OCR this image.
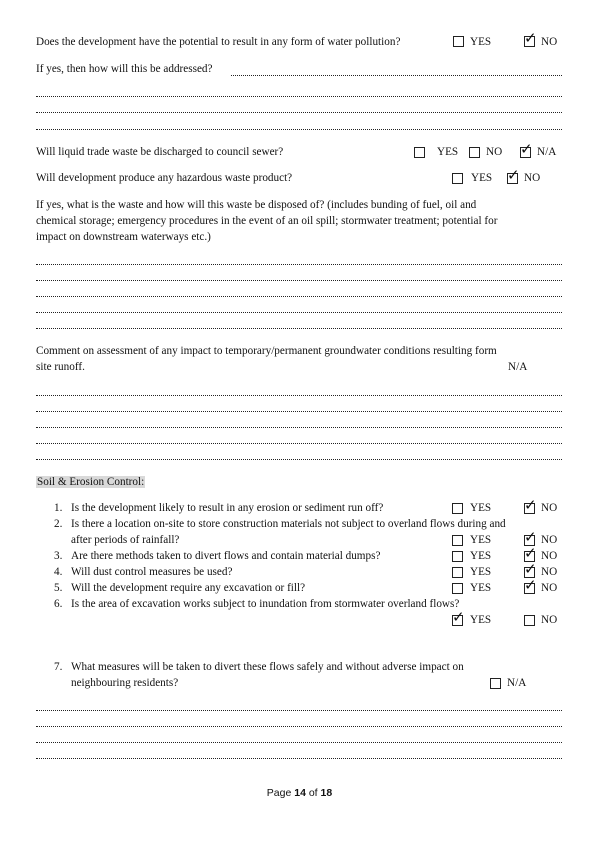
Does the development have the potential to result in any form of water pollution?	YES ✓ NO
If yes, then how will this be addressed?
Will liquid trade waste be discharged to council sewer?	YES NO ✓ N/A
Will development produce any hazardous waste product?	YES ✓ NO
If yes, what is the waste and how will this waste be disposed of? (includes bunding of fuel, oil and
chemical storage; emergency procedures in the event of an oil spill; stormwater treatment; potential for
impact on downstream waterways etc.)
Comment on assessment of any impact to temporary/permanent groundwater conditions resulting form
site runoff.	N/A
Soil & Erosion Control:
1. Is the development likely to result in any erosion or sediment run off?	YES ✓ NO
2. Is there a location on-site to store construction materials not subject to overland flows during and
after periods of rainfall?	YES ✓ NO
3. Are there methods taken to divert flows and contain material dumps?	YES ✓ NO
4. Will dust control measures be used?	YES ✓ NO
5. Will the development require any excavation or fill?	YES ✓ NO
6. Is the area of excavation works subject to inundation from stormwater overland flows?
✓ YES	NO
7. What measures will be taken to divert these flows safely and without adverse impact on
neighbouring residents?	N/A
Page 14 of 18
